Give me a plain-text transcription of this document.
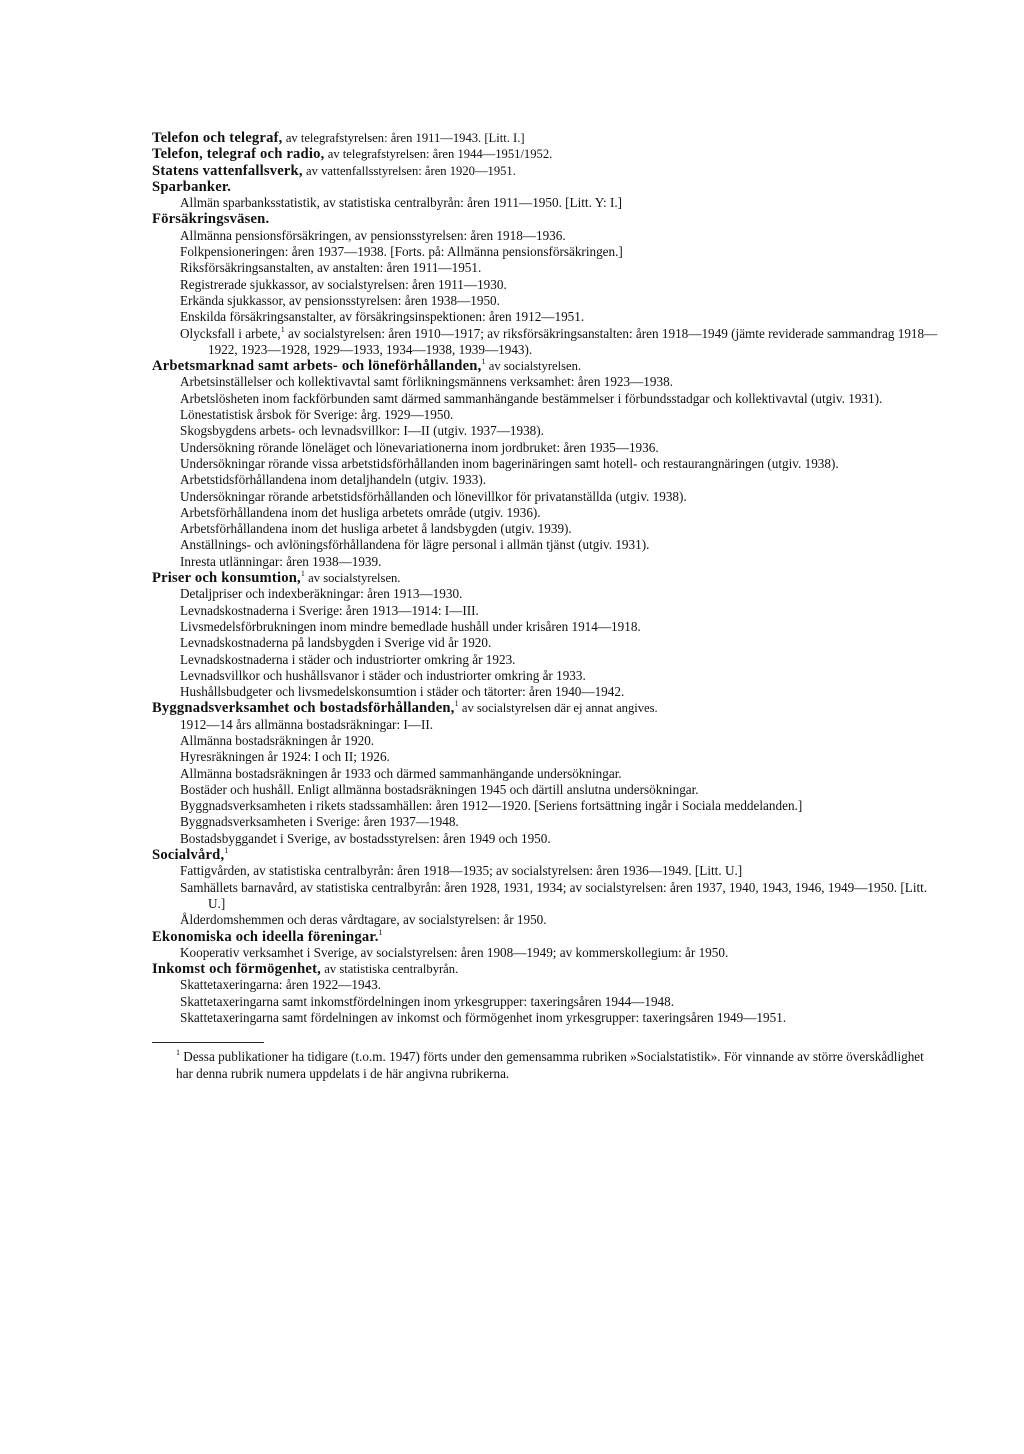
Telefon och telegraf, av telegrafstyrelsen: åren 1911—1943. [Litt. I.]
Telefon, telegraf och radio, av telegrafstyrelsen: åren 1944—1951/1952.
Statens vattenfallsverk, av vattenfallsstyrelsen: åren 1920—1951.
Sparbanker.
Allmän sparbanksstatistik, av statistiska centralbyrån: åren 1911—1950. [Litt. Y: I.]
Försäkringsväsen.
Allmänna pensionsförsäkringen, av pensionsstyrelsen: åren 1918—1936.
Folkpensioneringen: åren 1937—1938. [Forts. på: Allmänna pensionsförsäkringen.]
Riksförsäkringsanstalten, av anstalten: åren 1911—1951.
Registrerade sjukkassor, av socialstyrelsen: åren 1911—1930.
Erkända sjukkassor, av pensionsstyrelsen: åren 1938—1950.
Enskilda försäkringsanstalter, av försäkringsinspektionen: åren 1912—1951.
Olycksfall i arbete,$^1$ av socialstyrelsen: åren 1910—1917; av riksförsäkringsanstalten: åren 1918—1949 (jämte reviderade sammandrag 1918—1922, 1923—1928, 1929—1933, 1934—1938, 1939—1943).
Arbetsmarknad samt arbets- och löneförhållanden,$^1$ av socialstyrelsen.
Arbetsinställelser och kollektivavtal samt förlikningsmännens verksamhet: åren 1923—1938.
Arbetslösheten inom fackförbunden samt därmed sammanhängande bestämmelser i förbundsstadgar och kollektivavtal (utgiv. 1931).
Lönestatistisk årsbok för Sverige: årg. 1929—1950.
Skogsbygdens arbets- och levnadsvillkor: I—II (utgiv. 1937—1938).
Undersökning rörande löneläget och lönevariationerna inom jordbruket: åren 1935—1936.
Undersökningar rörande vissa arbetstidsförhållanden inom bagerinäringen samt hotell- och restaurangnäringen (utgiv. 1938).
Arbetstidsförhållandena inom detaljhandeln (utgiv. 1933).
Undersökningar rörande arbetstidsförhållanden och lönevillkor för privatanställda (utgiv. 1938).
Arbetsförhållandena inom det husliga arbetets område (utgiv. 1936).
Arbetsförhållandena inom det husliga arbetet å landsbygden (utgiv. 1939).
Anställnings- och avlöningsförhållandena för lägre personal i allmän tjänst (utgiv. 1931).
Inresta utlänningar: åren 1938—1939.
Priser och konsumtion,$^1$ av socialstyrelsen.
Detaljpriser och indexberäkningar: åren 1913—1930.
Levnadskostnaderna i Sverige: åren 1913—1914: I—III.
Livsmedelsförbrukningen inom mindre bemedlade hushåll under krisåren 1914—1918.
Levnadskostnaderna på landsbygden i Sverige vid år 1920.
Levnadskostnaderna i städer och industriorter omkring år 1923.
Levnadsvillkor och hushållsvanor i städer och industriorter omkring år 1933.
Hushållsbudgeter och livsmedelskonsumtion i städer och tätorter: åren 1940—1942.
Byggnadsverksamhet och bostadsförhållanden,$^1$ av socialstyrelsen där ej annat angives.
1912—14 års allmänna bostadsräkningar: I—II.
Allmänna bostadsräkningen år 1920.
Hyresräkningen år 1924: I och II; 1926.
Allmänna bostadsräkningen år 1933 och därmed sammanhängande undersökningar.
Bostäder och hushåll. Enligt allmänna bostadsräkningen 1945 och därtill anslutna undersökningar.
Byggnadsverksamheten i rikets stadssamhällen: åren 1912—1920. [Seriens fortsättning ingår i Sociala meddelanden.]
Byggnadsverksamheten i Sverige: åren 1937—1948.
Bostadsbyggandet i Sverige, av bostadsstyrelsen: åren 1949 och 1950.
Socialvård,$^1$
Fattigvården, av statistiska centralbyrån: åren 1918—1935; av socialstyrelsen: åren 1936—1949. [Litt. U.]
Samhällets barnavård, av statistiska centralbyrån: åren 1928, 1931, 1934; av socialstyrelsen: åren 1937, 1940, 1943, 1946, 1949—1950. [Litt. U.]
Ålderdomshemmen och deras vårdtagare, av socialstyrelsen: år 1950.
Ekonomiska och ideella föreningar.$^1$
Kooperativ verksamhet i Sverige, av socialstyrelsen: åren 1908—1949; av kommerskollegium: år 1950.
Inkomst och förmögenhet, av statistiska centralbyrån.
Skattetaxeringarna: åren 1922—1943.
Skattetaxeringarna samt inkomstfördelningen inom yrkesgrupper: taxeringsåren 1944—1948.
Skattetaxeringarna samt fördelningen av inkomst och förmögenhet inom yrkesgrupper: taxeringsåren 1949—1951.
$^1$ Dessa publikationer ha tidigare (t.o.m. 1947) förts under den gemensamma rubriken »Socialstatistik». För vinnande av större överskådlighet har denna rubrik numera uppdelats i de här angivna rubrikerna.
